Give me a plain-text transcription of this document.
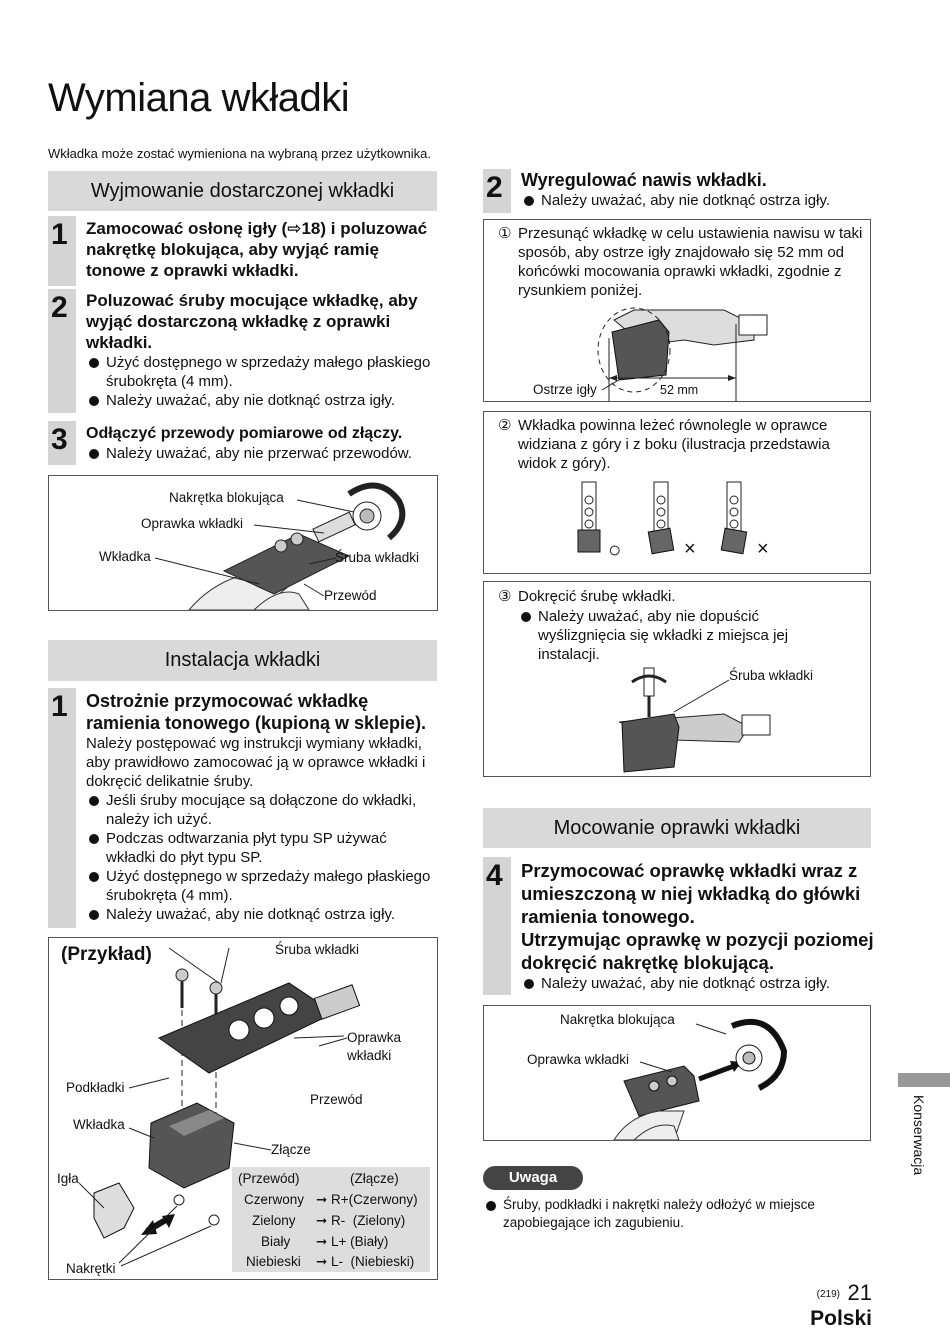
Wymiana wkładki
Wkładka może zostać wymieniona na wybraną przez użytkownika.
Wyjmowanie dostarczonej wkładki
1 Zamocować osłonę igły (⇨18) i poluzować nakrętkę blokująca, aby wyjąć ramię tonowe z oprawki wkładki.
2 Poluzować śruby mocujące wkładkę, aby wyjąć dostarczoną wkładkę z oprawki wkładki.
Użyć dostępnego w sprzedaży małego płaskiego śrubokręta (4 mm).
Należy uważać, aby nie dotknąć ostrza igły.
3 Odłączyć przewody pomiarowe od złączy.
Należy uważać, aby nie przerwać przewodów.
Nakrętka blokująca
Oprawka wkładki
Wkładka	Śruba wkładki
Przewód
Instalacja wkładki
1 Ostrożnie przymocować wkładkę ramienia tonowego (kupioną w sklepie).
Należy postępować wg instrukcji wymiany wkładki, aby prawidłowo zamocować ją w oprawce wkładki i dokręcić delikatnie śruby.
Jeśli śruby mocujące są dołączone do wkładki, należy ich użyć.
Podczas odtwarzania płyt typu SP używać wkładki do płyt typu SP.
Użyć dostępnego w sprzedaży małego płaskiego śrubokręta (4 mm).
Należy uważać, aby nie dotknąć ostrza igły.
(Przykład)	Śruba wkładki
Oprawka
wkładki
Podkładki
Przewód
Wkładka
Złącze
Igła
Nakrętki
(Przewód)	(Złącze)
Czerwony ➞ R+(Czerwony)
Zielony ➞ R-  (Zielony)
Biały ➞ L+ (Biały)
Niebieski ➞ L-  (Niebieski)
2 Wyregulować nawis wkładki.
Należy uważać, aby nie dotknąć ostrza igły.
① Przesunąć wkładkę w celu ustawienia nawisu w taki sposób, aby ostrze igły znajdowało się 52 mm od końcówki mocowania oprawki wkładki, zgodnie z rysunkiem poniżej.
Ostrze igły	52 mm
② Wkładka powinna leżeć równolegle w oprawce widziana z góry i z boku (ilustracja przedstawia widok z góry).
○	×	×
③ Dokręcić śrubę wkładki.
Należy uważać, aby nie dopuścić wyślizgnięcia się wkładki z miejsca jej instalacji.
Śruba wkładki
Mocowanie oprawki wkładki
4 Przymocować oprawkę wkładki wraz z umieszczoną w niej wkładką do główki ramienia tonowego.
Utrzymując oprawkę w pozycji poziomej dokręcić nakrętkę blokującą.
Należy uważać, aby nie dotknąć ostrza igły.
Nakrętka blokująca
Oprawka wkładki
Uwaga
Śruby, podkładki i nakrętki należy odłożyć w miejsce zapobiegające ich zagubieniu.
Konserwacja
(219) 21
Polski
